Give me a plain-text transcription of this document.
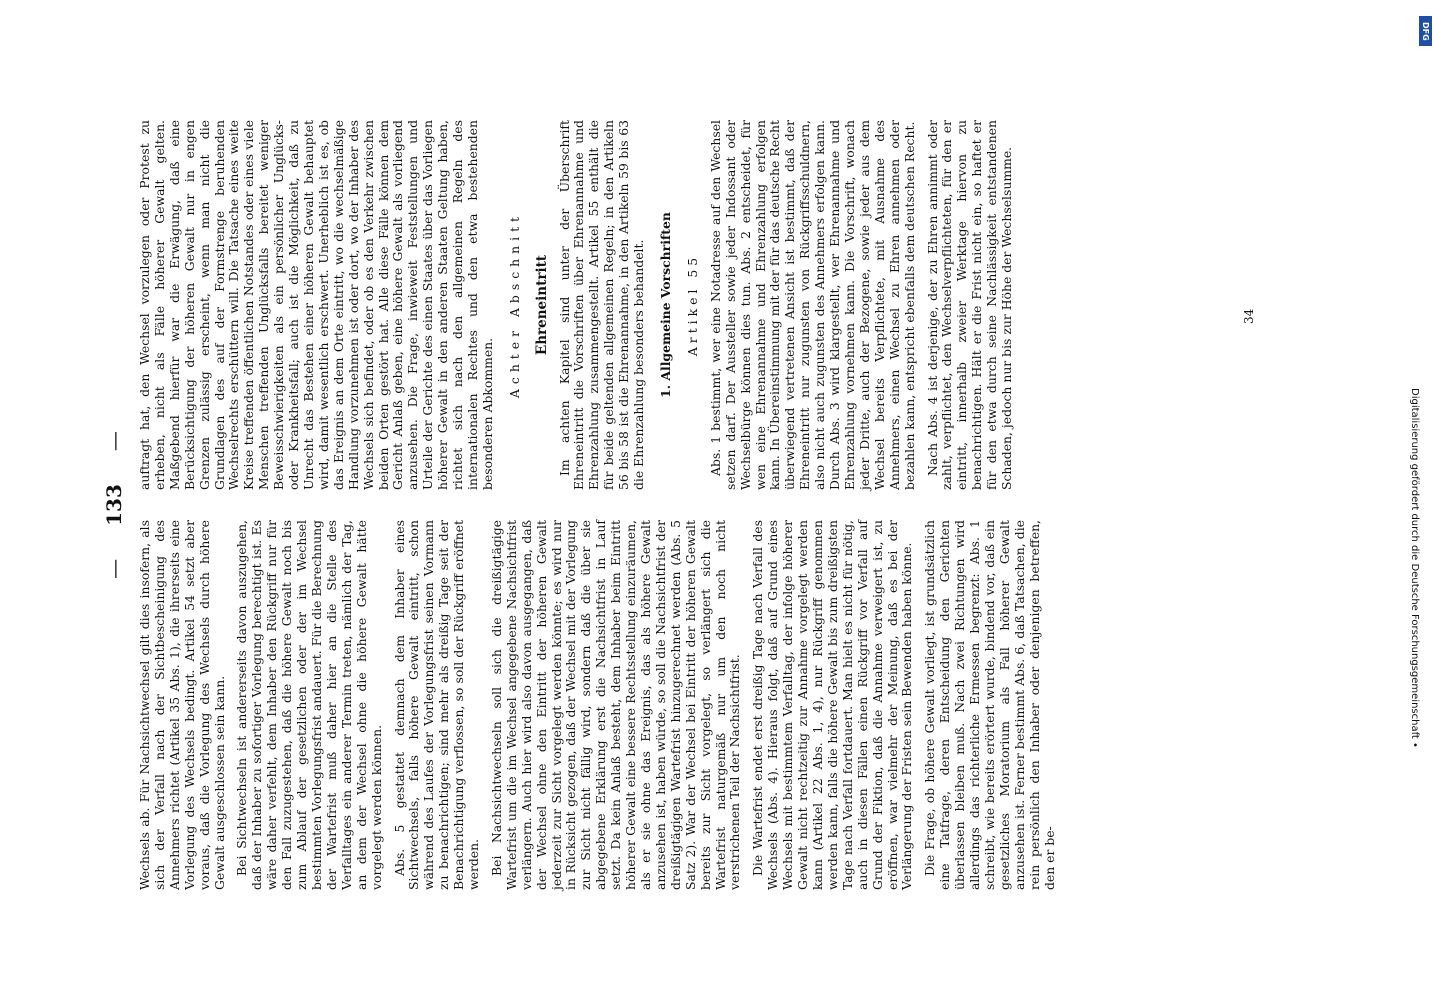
— 133 —

Wechsels ab. Für Nachsichtwechsel gilt dies insofern, als sich der Verfall nach der Sichtbescheinigung des Annehmers richtet (Artikel 35 Abs. 1), die ihrerseits eine Vorlegung des Wechsels bedingt. Artikel 54 setzt aber voraus, daß die Vorlegung des Wechsels durch höhere Gewalt ausgeschlossen sein kann. Bei Sichtwechseln ist andererseits davon auszugehen, daß der Inhaber zu sofortiger Vorlegung berechtigt ist. Es wäre daher verfehlt, dem Inhaber den Rückgriff nur für den Fall zuzugestehen, daß die höhere Gewalt noch bis zum Ablauf der gesetzlichen oder der im Wechsel bestimmten Vorlegungsfrist andauert. Für die Berechnung der Wartefrist muß daher hier an die Stelle des Verfalltages ein anderer Termin treten, nämlich der Tag, an dem der Wechsel ohne die höhere Gewalt hätte vorgelegt werden können. Abs. 5 gestattet demnach dem Inhaber eines Sichtwechsels, falls höhere Gewalt eintritt, schon während des Laufes der Vorlegungsfrist seinen Vormann zu benachrichtigen; sind mehr als dreißig Tage seit der Benachrichtigung verflossen, so soll der Rückgriff eröffnet werden. Bei Nachsichtwechseln soll sich die dreißigtägige Wartefrist um die im Wechsel angegebene Nachsichtfrist verlängern. Auch hier wird also davon ausgegangen, daß der Wechsel ohne den Eintritt der höheren Gewalt jederzeit zur Sicht vorgelegt werden könnte; es wird nur in Rücksicht gezogen, daß der Wechsel mit der Vorlegung zur Sicht nicht fällig wird, sondern daß die über sie abgegebene Erklärung erst die Nachsichtfrist in Lauf setzt. Da kein Anlaß besteht, dem Inhaber beim Eintritt höherer Gewalt eine bessere Rechtsstellung einzuräumen, als er sie ohne das Ereignis, das als höhere Gewalt anzusehen ist, haben würde, so soll die Nachsichtfrist der dreißigtägigen Wartefrist hinzugerechnet werden (Abs. 5 Satz 2). War der Wechsel bei Eintritt der höheren Gewalt bereits zur Sicht vorgelegt, so verlängert sich die Wartefrist naturgemäß nur um den noch nicht verstrichenen Teil der Nachsichtfrist. Die Wartefrist endet erst dreißig Tage nach Verfall des Wechsels (Abs. 4). Hieraus folgt, daß auf Grund eines Wechsels mit bestimmtem Verfalltag, der infolge höherer Gewalt nicht rechtzeitig zur Annahme vorgelegt werden kann (Artikel 22 Abs. 1, 4), nur Rückgriff genommen werden kann, falls die höhere Gewalt bis zum dreißigsten Tage nach Verfall fortdauert. Man hielt es nicht für nötig, auch in diesen Fällen einen Rückgriff vor Verfall auf Grund der Fiktion, daß die Annahme verweigert ist, zu eröffnen, war vielmehr der Meinung, daß es bei der Verlängerung der Fristen sein Bewenden haben könne. Die Frage, ob höhere Gewalt vorliegt, ist grundsätzlich eine Tatfrage, deren Entscheidung den Gerichten überlassen bleiben muß. Nach zwei Richtungen wird allerdings das richterliche Ermessen begrenzt: Abs. 1 schreibt, wie bereits erörtert wurde, bindend vor, daß ein gesetzliches Moratorium als Fall höherer Gewalt anzusehen ist. Ferner bestimmt Abs. 6, daß Tatsachen, die rein persönlich den Inhaber oder denjenigen betreffen, den er be-

auftragt hat, den Wechsel vorzulegen oder Protest zu erheben, nicht als Fälle höherer Gewalt gelten. Maßgebend hierfür war die Erwägung, daß eine Berücksichtigung der höheren Gewalt nur in engen Grenzen zulässig erscheint, wenn man nicht die Grundlagen des auf der Formstrenge beruhenden Wechselrechts erschüttern will. Die Tatsache eines weite Kreise treffenden öffentlichen Notstandes oder eines viele Menschen treffenden Unglücksfalls bereitet weniger Beweisschwierigkeiten als ein persönlicher Unglücks- oder Krankheitsfall; auch ist die Möglichkeit, daß zu Unrecht das Bestehen einer höheren Gewalt behauptet wird, damit wesentlich erschwert. Unerheblich ist es, ob das Ereignis an dem Orte eintritt, wo die wechselmäßige Handlung vorzunehmen ist oder dort, wo der Inhaber des Wechsels sich befindet, oder ob es den Verkehr zwischen beiden Orten gestört hat. Alle diese Fälle können dem Gericht Anlaß geben, eine höhere Gewalt als vorliegend anzusehen. Die Frage, inwieweit Feststellungen und Urteile der Gerichte des einen Staates über das Vorliegen höherer Gewalt in den anderen Staaten Geltung haben, richtet sich nach den allgemeinen Regeln des internationalen Rechtes und den etwa bestehenden besonderen Abkommen.

Achter Abschnitt Ehreneintritt Im achten Kapitel sind unter der Überschrift Ehreneintritt die Vorschriften über Ehrenannahme und Ehrenzahlung zusammengestellt. Artikel 55 enthält die für beide geltenden allgemeinen Regeln; in den Artikeln 56 bis 58 ist die Ehrenannahme, in den Artikeln 59 bis 63 die Ehrenzahlung besonders behandelt. 1. Allgemeine Vorschriften Artikel 55 Abs. 1 bestimmt, wer eine Notadresse auf den Wechsel setzen darf. Der Aussteller sowie jeder Indossant oder Wechselbürge können dies tun. Abs. 2 entscheidet, für wen eine Ehrenannahme und Ehrenzahlung erfolgen kann. In Übereinstimmung mit der für das deutsche Recht überwiegend vertretenen Ansicht ist bestimmt, daß der Ehreneintritt nur zugunsten von Rückgriffsschuldnern, also nicht auch zugunsten des Annehmers erfolgen kann. Durch Abs. 3 wird klargestellt, wer Ehrenannahme und Ehrenzahlung vornehmen kann. Die Vorschrift, wonach jeder Dritte, auch der Bezogene, sowie jeder aus dem Wechsel bereits Verpflichtete, mit Ausnahme des Annehmers, einen Wechsel zu Ehren annehmen oder bezahlen kann, entspricht ebenfalls dem deutschen Recht. Nach Abs. 4 ist derjenige, der zu Ehren annimmt oder zahlt, verpflichtet, den Wechselverpflichteten, für den er eintritt, innerhalb zweier Werktage hiervon zu benachrichtigen. Hält er die Frist nicht ein, so haftet er für den etwa durch seine Nachlässigkeit entstandenen Schaden, jedoch nur bis zur Höhe der Wechselsumme.	34
DFG
Digitalisierung gefördert durch die Deutsche Forschungsgemeinschaft •
